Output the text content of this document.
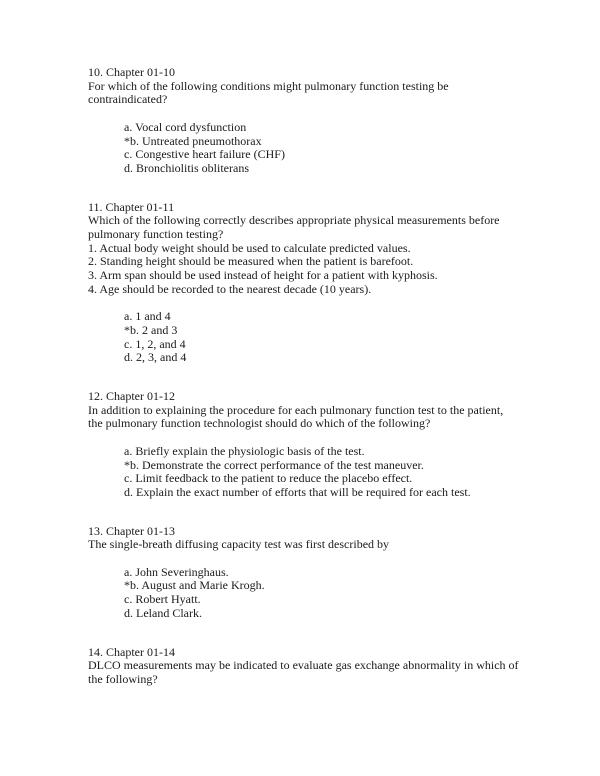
10. Chapter 01-10
For which of the following conditions might pulmonary function testing be
contraindicated?
a. Vocal cord dysfunction
*b. Untreated pneumothorax
c. Congestive heart failure (CHF)
d. Bronchiolitis obliterans
11. Chapter 01-11
Which of the following correctly describes appropriate physical measurements before
pulmonary function testing?
1. Actual body weight should be used to calculate predicted values.
2. Standing height should be measured when the patient is barefoot.
3. Arm span should be used instead of height for a patient with kyphosis.
4. Age should be recorded to the nearest decade (10 years).
a. 1 and 4
*b. 2 and 3
c. 1, 2, and 4
d. 2, 3, and 4
12. Chapter 01-12
In addition to explaining the procedure for each pulmonary function test to the patient,
the pulmonary function technologist should do which of the following?
a. Briefly explain the physiologic basis of the test.
*b. Demonstrate the correct performance of the test maneuver.
c. Limit feedback to the patient to reduce the placebo effect.
d. Explain the exact number of efforts that will be required for each test.
13. Chapter 01-13
The single-breath diffusing capacity test was first described by
a. John Severinghaus.
*b. August and Marie Krogh.
c. Robert Hyatt.
d. Leland Clark.
14. Chapter 01-14
DLCO measurements may be indicated to evaluate gas exchange abnormality in which of
the following?
